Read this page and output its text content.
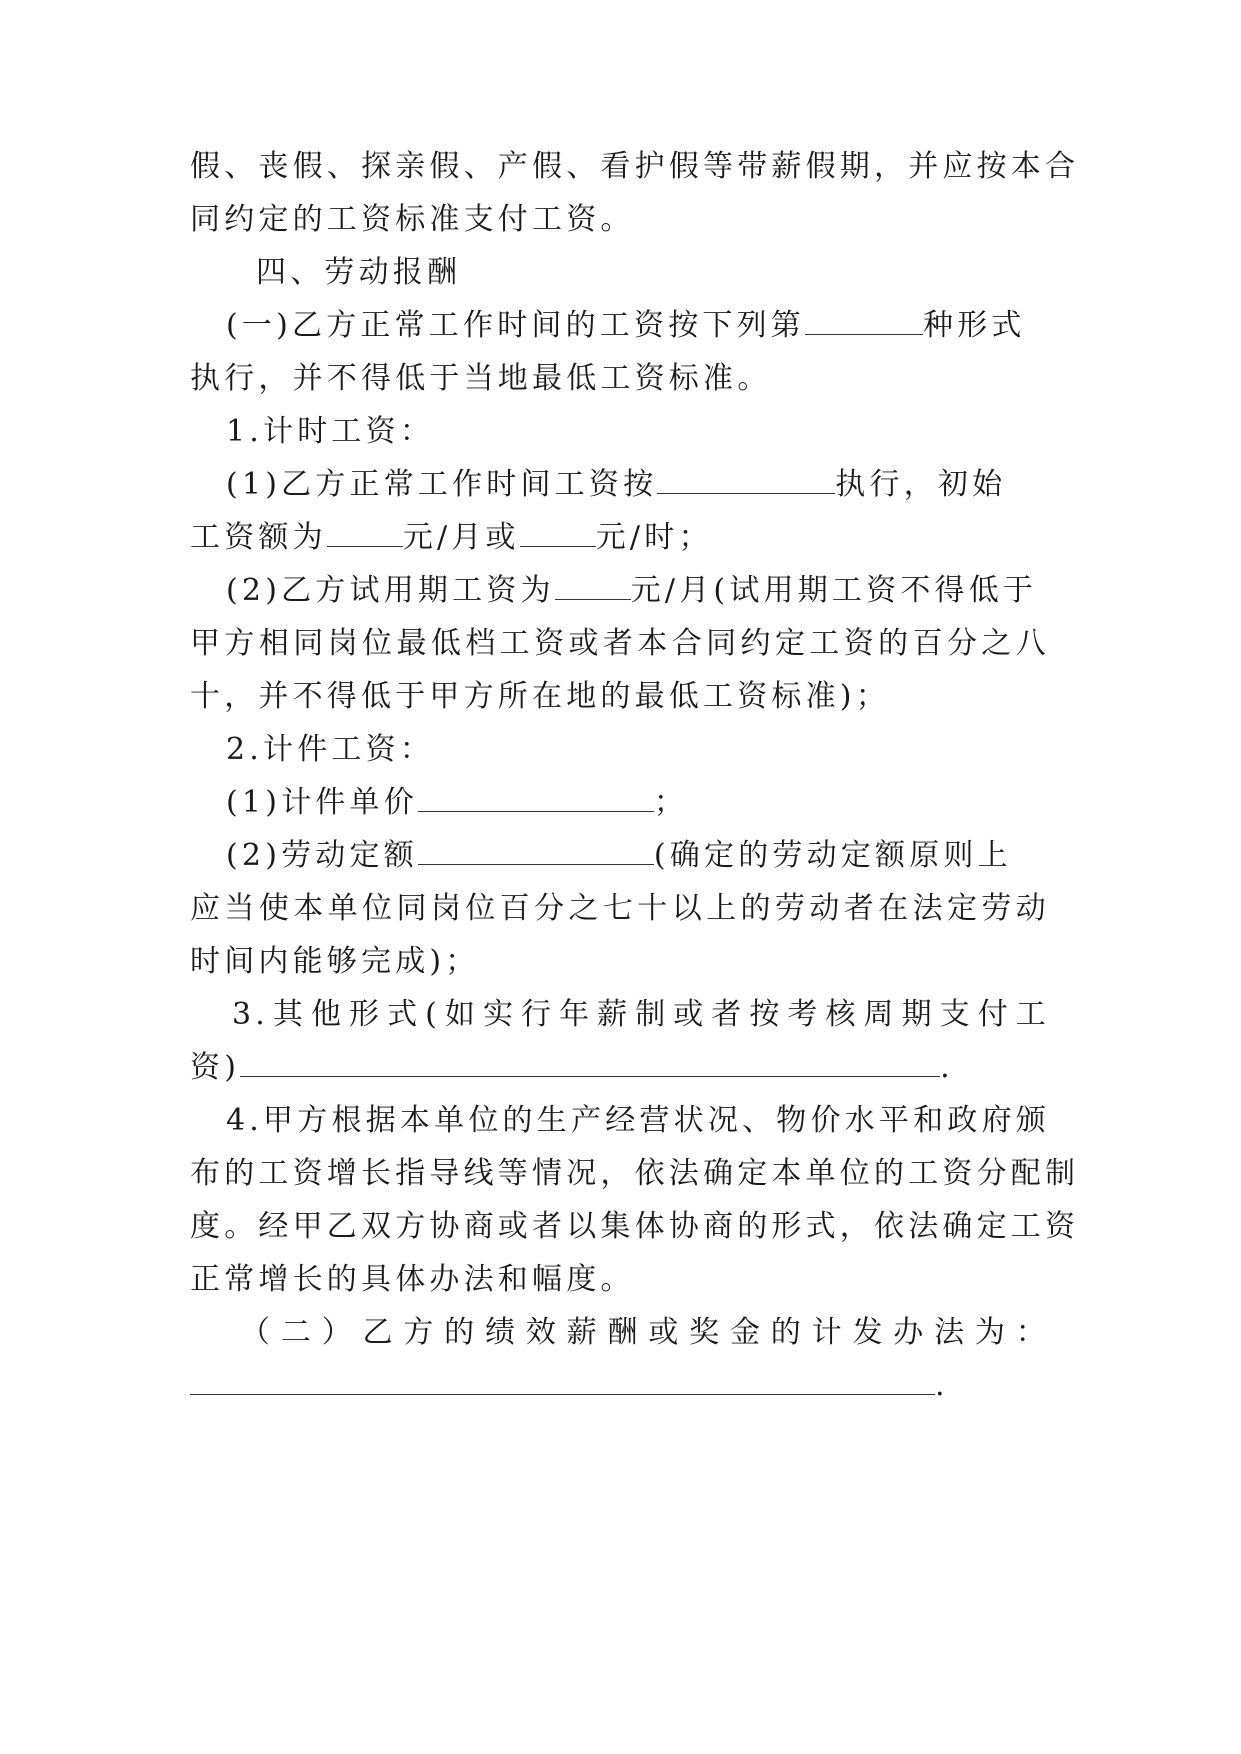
假、丧假、探亲假、产假、看护假等带薪假期，并应按本合
同约定的工资标准支付工资。
四、劳动报酬
(一)乙方正常工作时间的工资按下列第	种形式
执行，并不得低于当地最低工资标准。
1.计时工资：
(1)乙方正常工作时间工资按	执行，初始
工资额为	元/月或	元/时；
(2)乙方试用期工资为	元/月(试用期工资不得低于
甲方相同岗位最低档工资或者本合同约定工资的百分之八
十，并不得低于甲方所在地的最低工资标准)；
2.计件工资：
(1)计件单价	；
(2)劳动定额	(确定的劳动定额原则上
应当使本单位同岗位百分之七十以上的劳动者在法定劳动
时间内能够完成)；
3.其他形式(如实行年薪制或者按考核周期支付工
资)	.
4.甲方根据本单位的生产经营状况、物价水平和政府颁
布的工资增长指导线等情况，依法确定本单位的工资分配制
度。经甲乙双方协商或者以集体协商的形式，依法确定工资
正常增长的具体办法和幅度。
（二）乙方的绩效薪酬或奖金的计发办法为：
.
